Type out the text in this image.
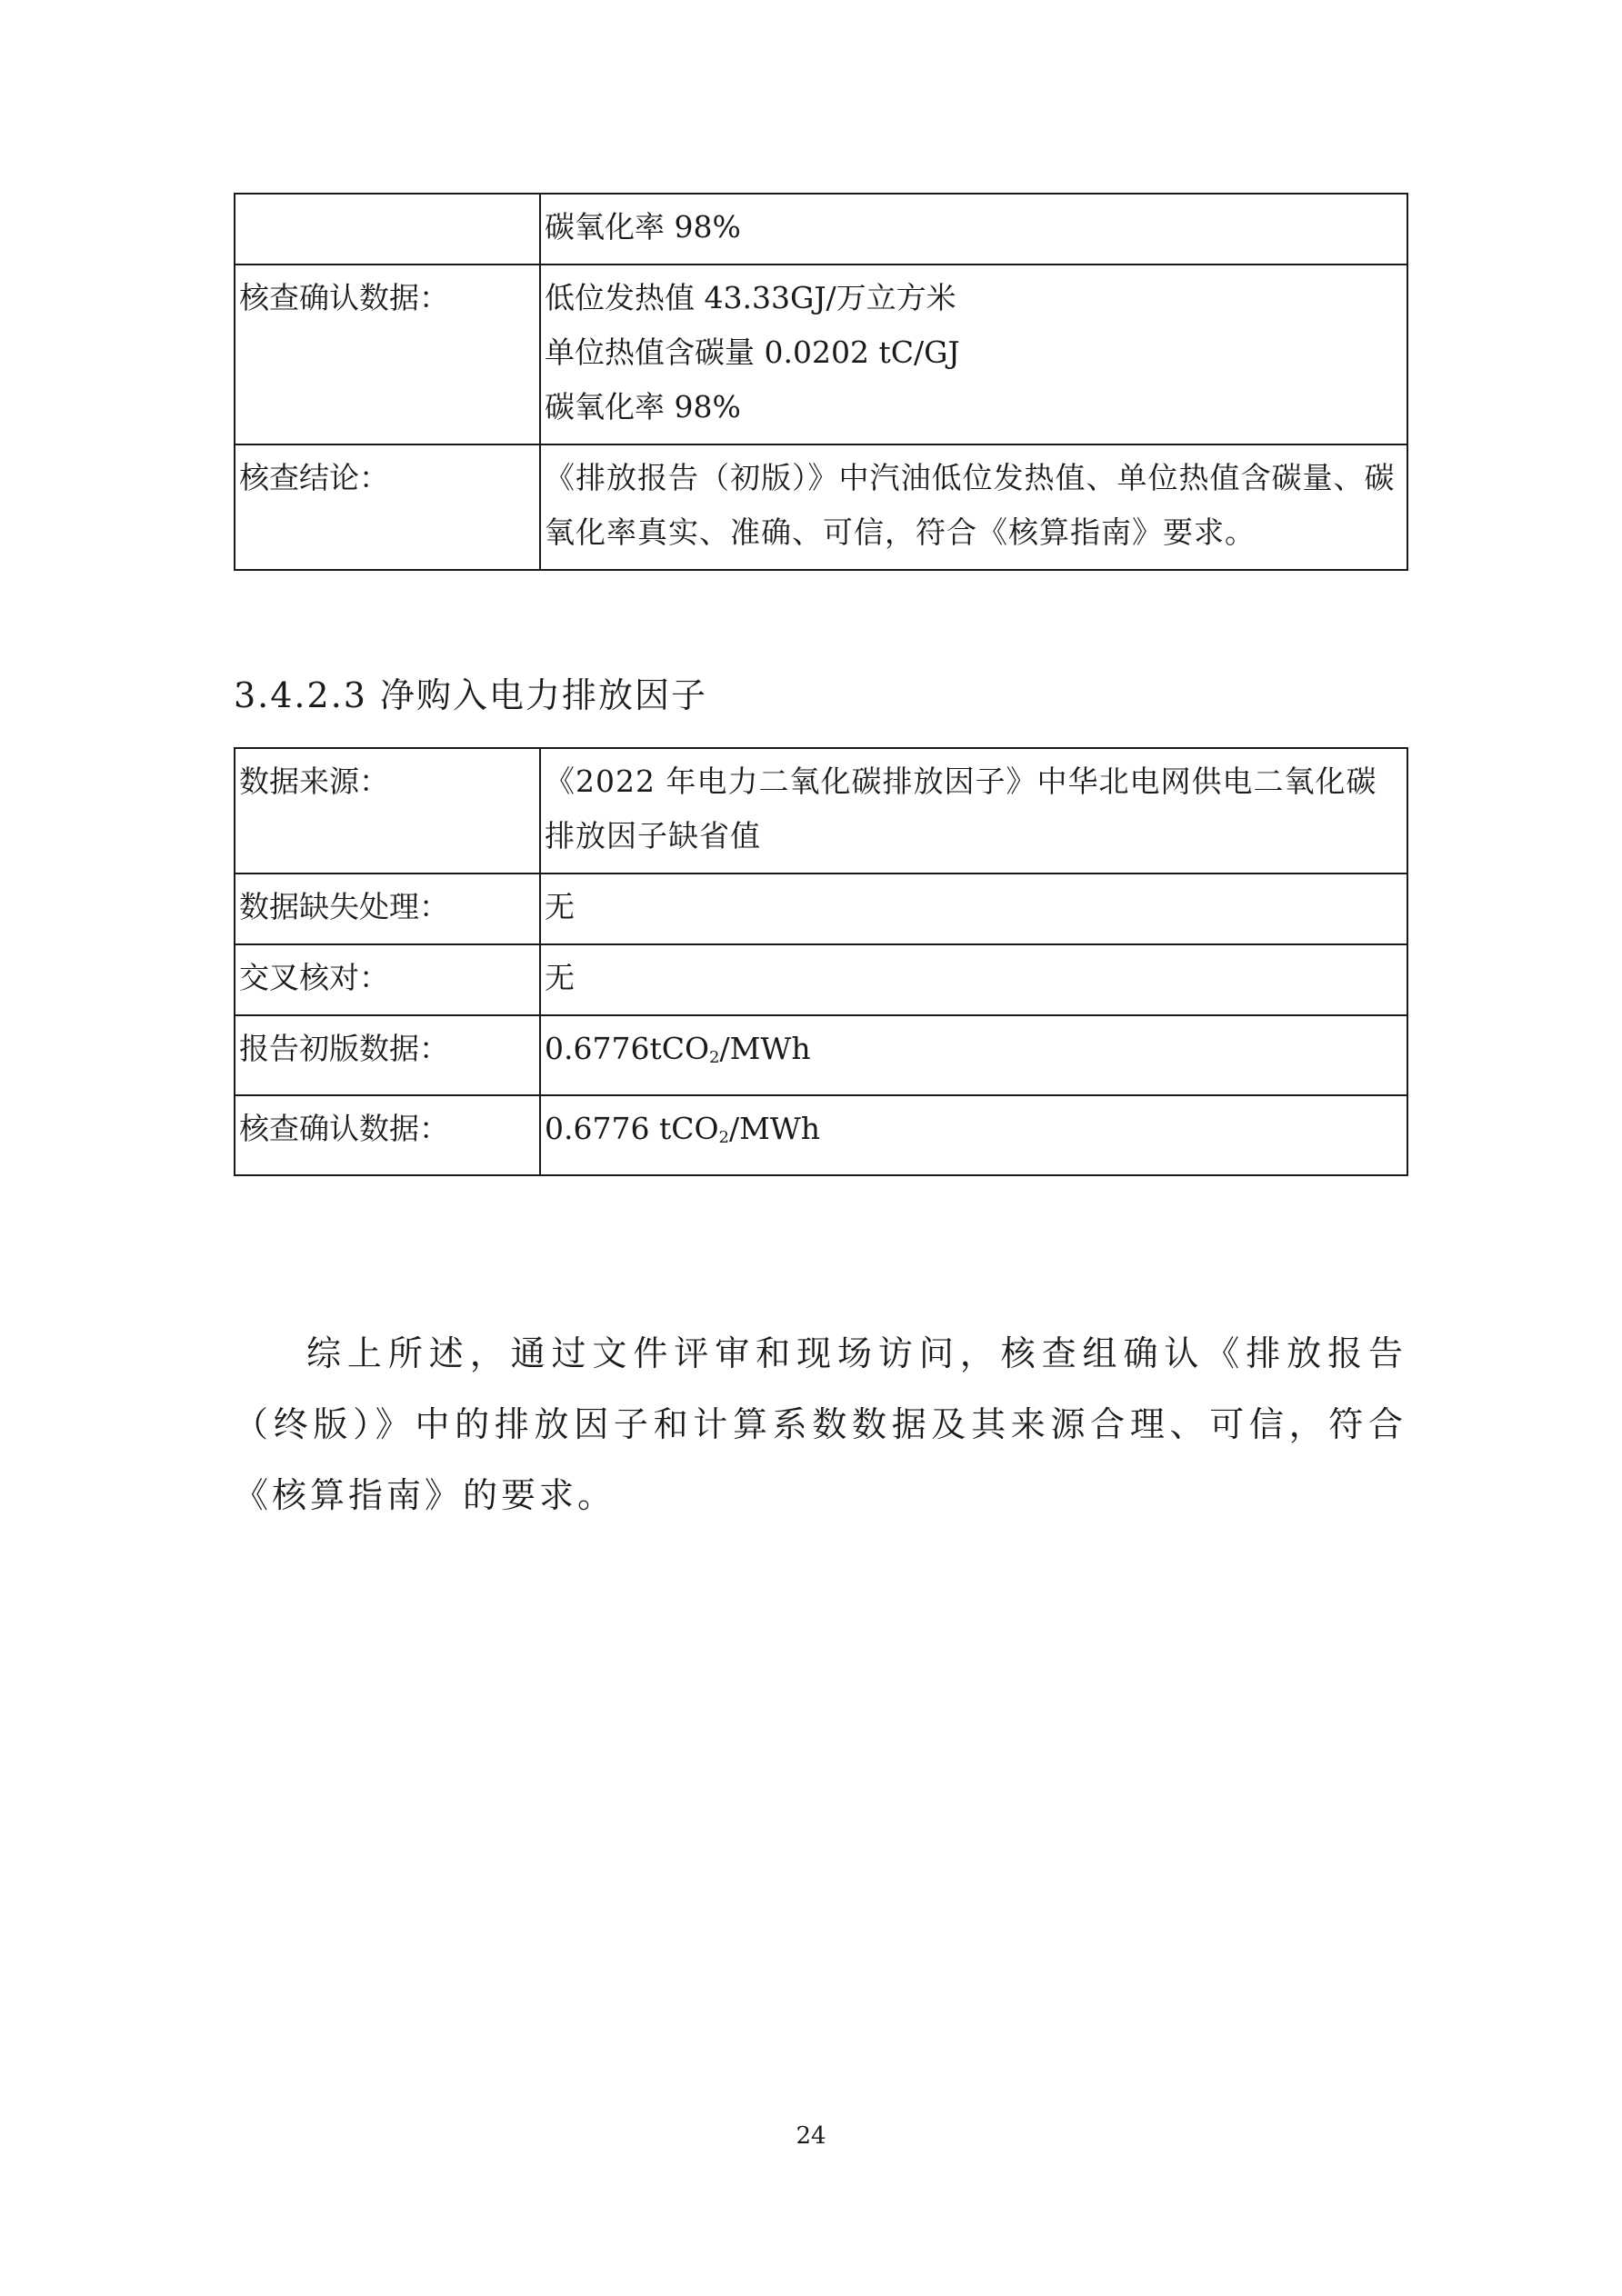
	碳氧化率 98%

核查确认数据：	低位发热值 43.33GJ/万立方米
单位热值含碳量 0.0202 tC/GJ
碳氧化率 98%

核查结论：	《排放报告（初版）》中汽油低位发热值、单位热值含碳量、碳氧化率真实、准确、可信，符合《核算指南》要求。
3.4.2.3 净购入电力排放因子
数据来源：	《2022 年电力二氧化碳排放因子》中华北电网供电二氧化碳排放因子缺省值
数据缺失处理：	无
交叉核对：	无
报告初版数据：	0.6776tCO$_2$/MWh
核查确认数据：	0.6776 tCO$_2$/MWh

综上所述，通过文件评审和现场访问，核查组确认《排放报告（终版）》中的排放因子和计算系数数据及其来源合理、可信，符合《核算指南》的要求。

24
